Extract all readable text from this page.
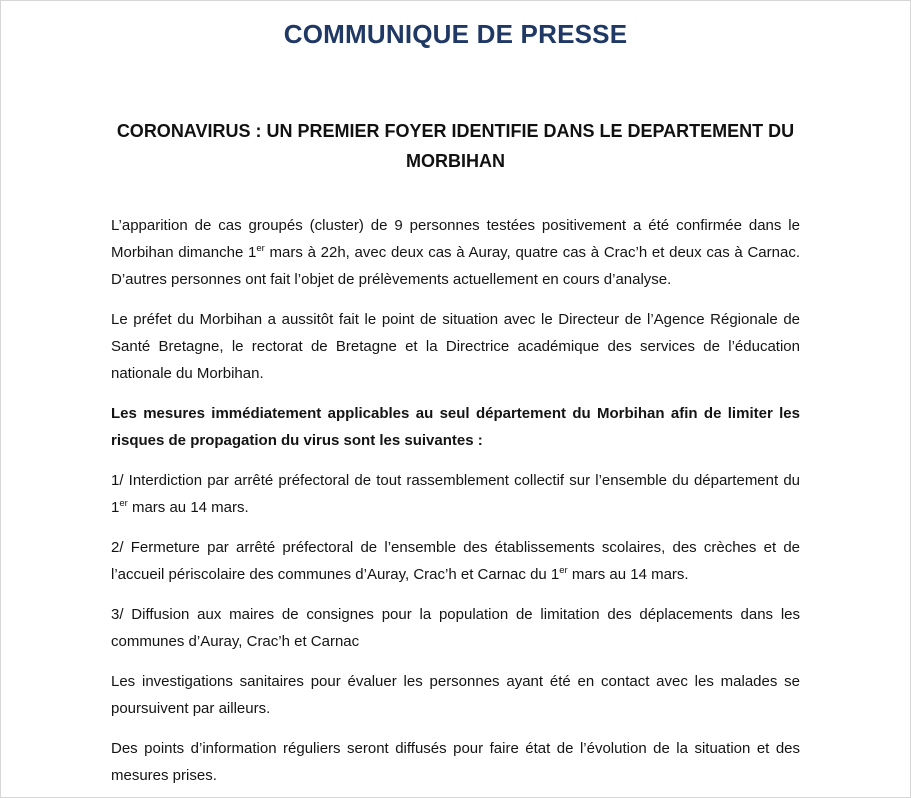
COMMUNIQUE DE PRESSE
CORONAVIRUS : UN PREMIER FOYER IDENTIFIE DANS LE DEPARTEMENT DU
MORBIHAN

L’apparition de cas groupés (cluster) de 9 personnes testées positivement a été confirmée dans le Morbihan dimanche 1er mars à 22h, avec deux cas à Auray, quatre cas à Crac’h et deux cas à Carnac. D’autres personnes ont fait l’objet de prélèvements actuellement en cours d’analyse.

Le préfet du Morbihan a aussitôt fait le point de situation avec le Directeur de l’Agence Régionale de Santé Bretagne, le rectorat de Bretagne et la Directrice académique des services de l’éducation nationale du Morbihan.

Les mesures immédiatement applicables au seul département du Morbihan afin de limiter les risques de propagation du virus sont les suivantes :

1/ Interdiction par arrêté préfectoral de tout rassemblement collectif sur l’ensemble du département du 1er mars au 14 mars.

2/ Fermeture par arrêté préfectoral de l’ensemble des établissements scolaires, des crèches et de l’accueil périscolaire des communes d’Auray, Crac’h et Carnac du 1er mars au 14 mars.

3/ Diffusion aux maires de consignes pour la population de limitation des déplacements dans les communes d’Auray, Crac’h et Carnac

Les investigations sanitaires pour évaluer les personnes ayant été en contact avec les malades se poursuivent par ailleurs.

Des points d’information réguliers seront diffusés pour faire état de l’évolution de la situation et des mesures prises.
